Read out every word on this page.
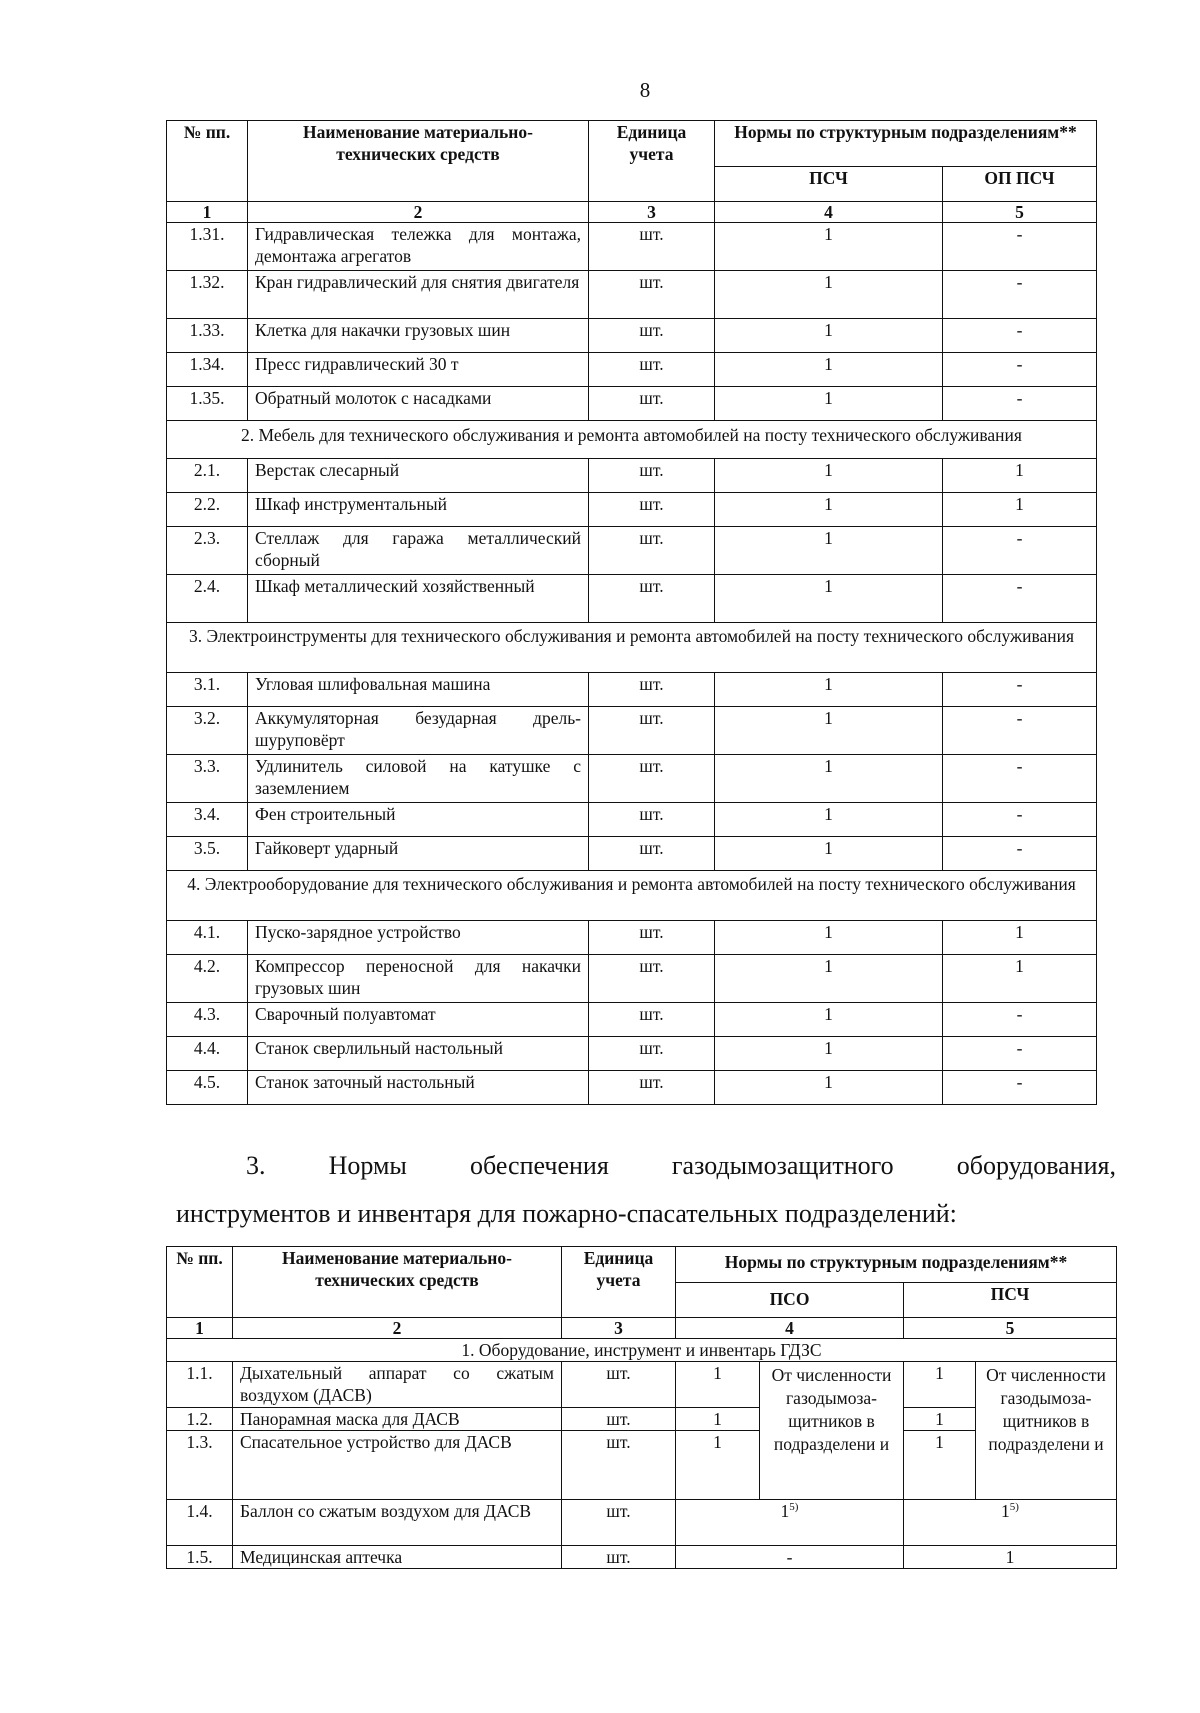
8
№ пп.	Наименование материально-технических средств	Единица учета	Нормы по структурным подразделениям**	
			ПСЧ	ОП ПСЧ
1	2	3	4	5
1.31.	Гидравлическая тележка для монтажа, демонтажа агрегатов	шт.	1	-
1.32.	Кран гидравлический для снятия двигателя	шт.	1	-
1.33.	Клетка для накачки грузовых шин	шт.	1	-
1.34.	Пресс гидравлический 30 т	шт.	1	-
1.35.	Обратный молоток с насадками	шт.	1	-
2. Мебель для технического обслуживания и ремонта автомобилей на посту технического обслуживания				
2.1.	Верстак слесарный	шт.	1	1
2.2.	Шкаф инструментальный	шт.	1	1
2.3.	Стеллаж для гаража металлический сборный	шт.	1	-
2.4.	Шкаф металлический хозяйственный	шт.	1	-
3. Электроинструменты для технического обслуживания и ремонта автомобилей на посту технического обслуживания				
3.1.	Угловая шлифовальная машина	шт.	1	-
3.2.	Аккумуляторная безударная дрель-шуруповёрт	шт.	1	-
3.3.	Удлинитель силовой на катушке с заземлением	шт.	1	-
3.4.	Фен строительный	шт.	1	-
3.5.	Гайковерт ударный	шт.	1	-
4. Электрооборудование для технического обслуживания и ремонта автомобилей на посту технического обслуживания				
4.1.	Пуско-зарядное устройство	шт.	1	1
4.2.	Компрессор переносной для накачки грузовых шин	шт.	1	1
4.3.	Сварочный полуавтомат	шт.	1	-
4.4.	Станок сверлильный настольный	шт.	1	-
4.5.	Станок заточный настольный	шт.	1	-
3. Нормы обеспечения газодымозащитного оборудования,
инструментов и инвентаря для пожарно-спасательных подразделений:
№ пп.	Наименование материально-технических средств	Единица учета	Нормы по структурным подразделениям**			
			ПСО		ПСЧ	
1	2	3	4		5	
1. Оборудование, инструмент и инвентарь ГДЗС						
1.1.	Дыхательный аппарат со сжатым воздухом (ДАСВ)	шт.	1	От численности газодымоза-щитников в подразделени и	1	От численности газодымоза-щитников в подразделени и
1.2.	Панорамная маска для ДАСВ	шт.	1		1	
1.3.	Спасательное устройство для ДАСВ	шт.	1		1	
1.4.	Баллон со сжатым воздухом для ДАСВ	шт.	1$^{5)}$		1$^{5)}$
1.5.	Медицинская аптечка	шт.	-		1	
